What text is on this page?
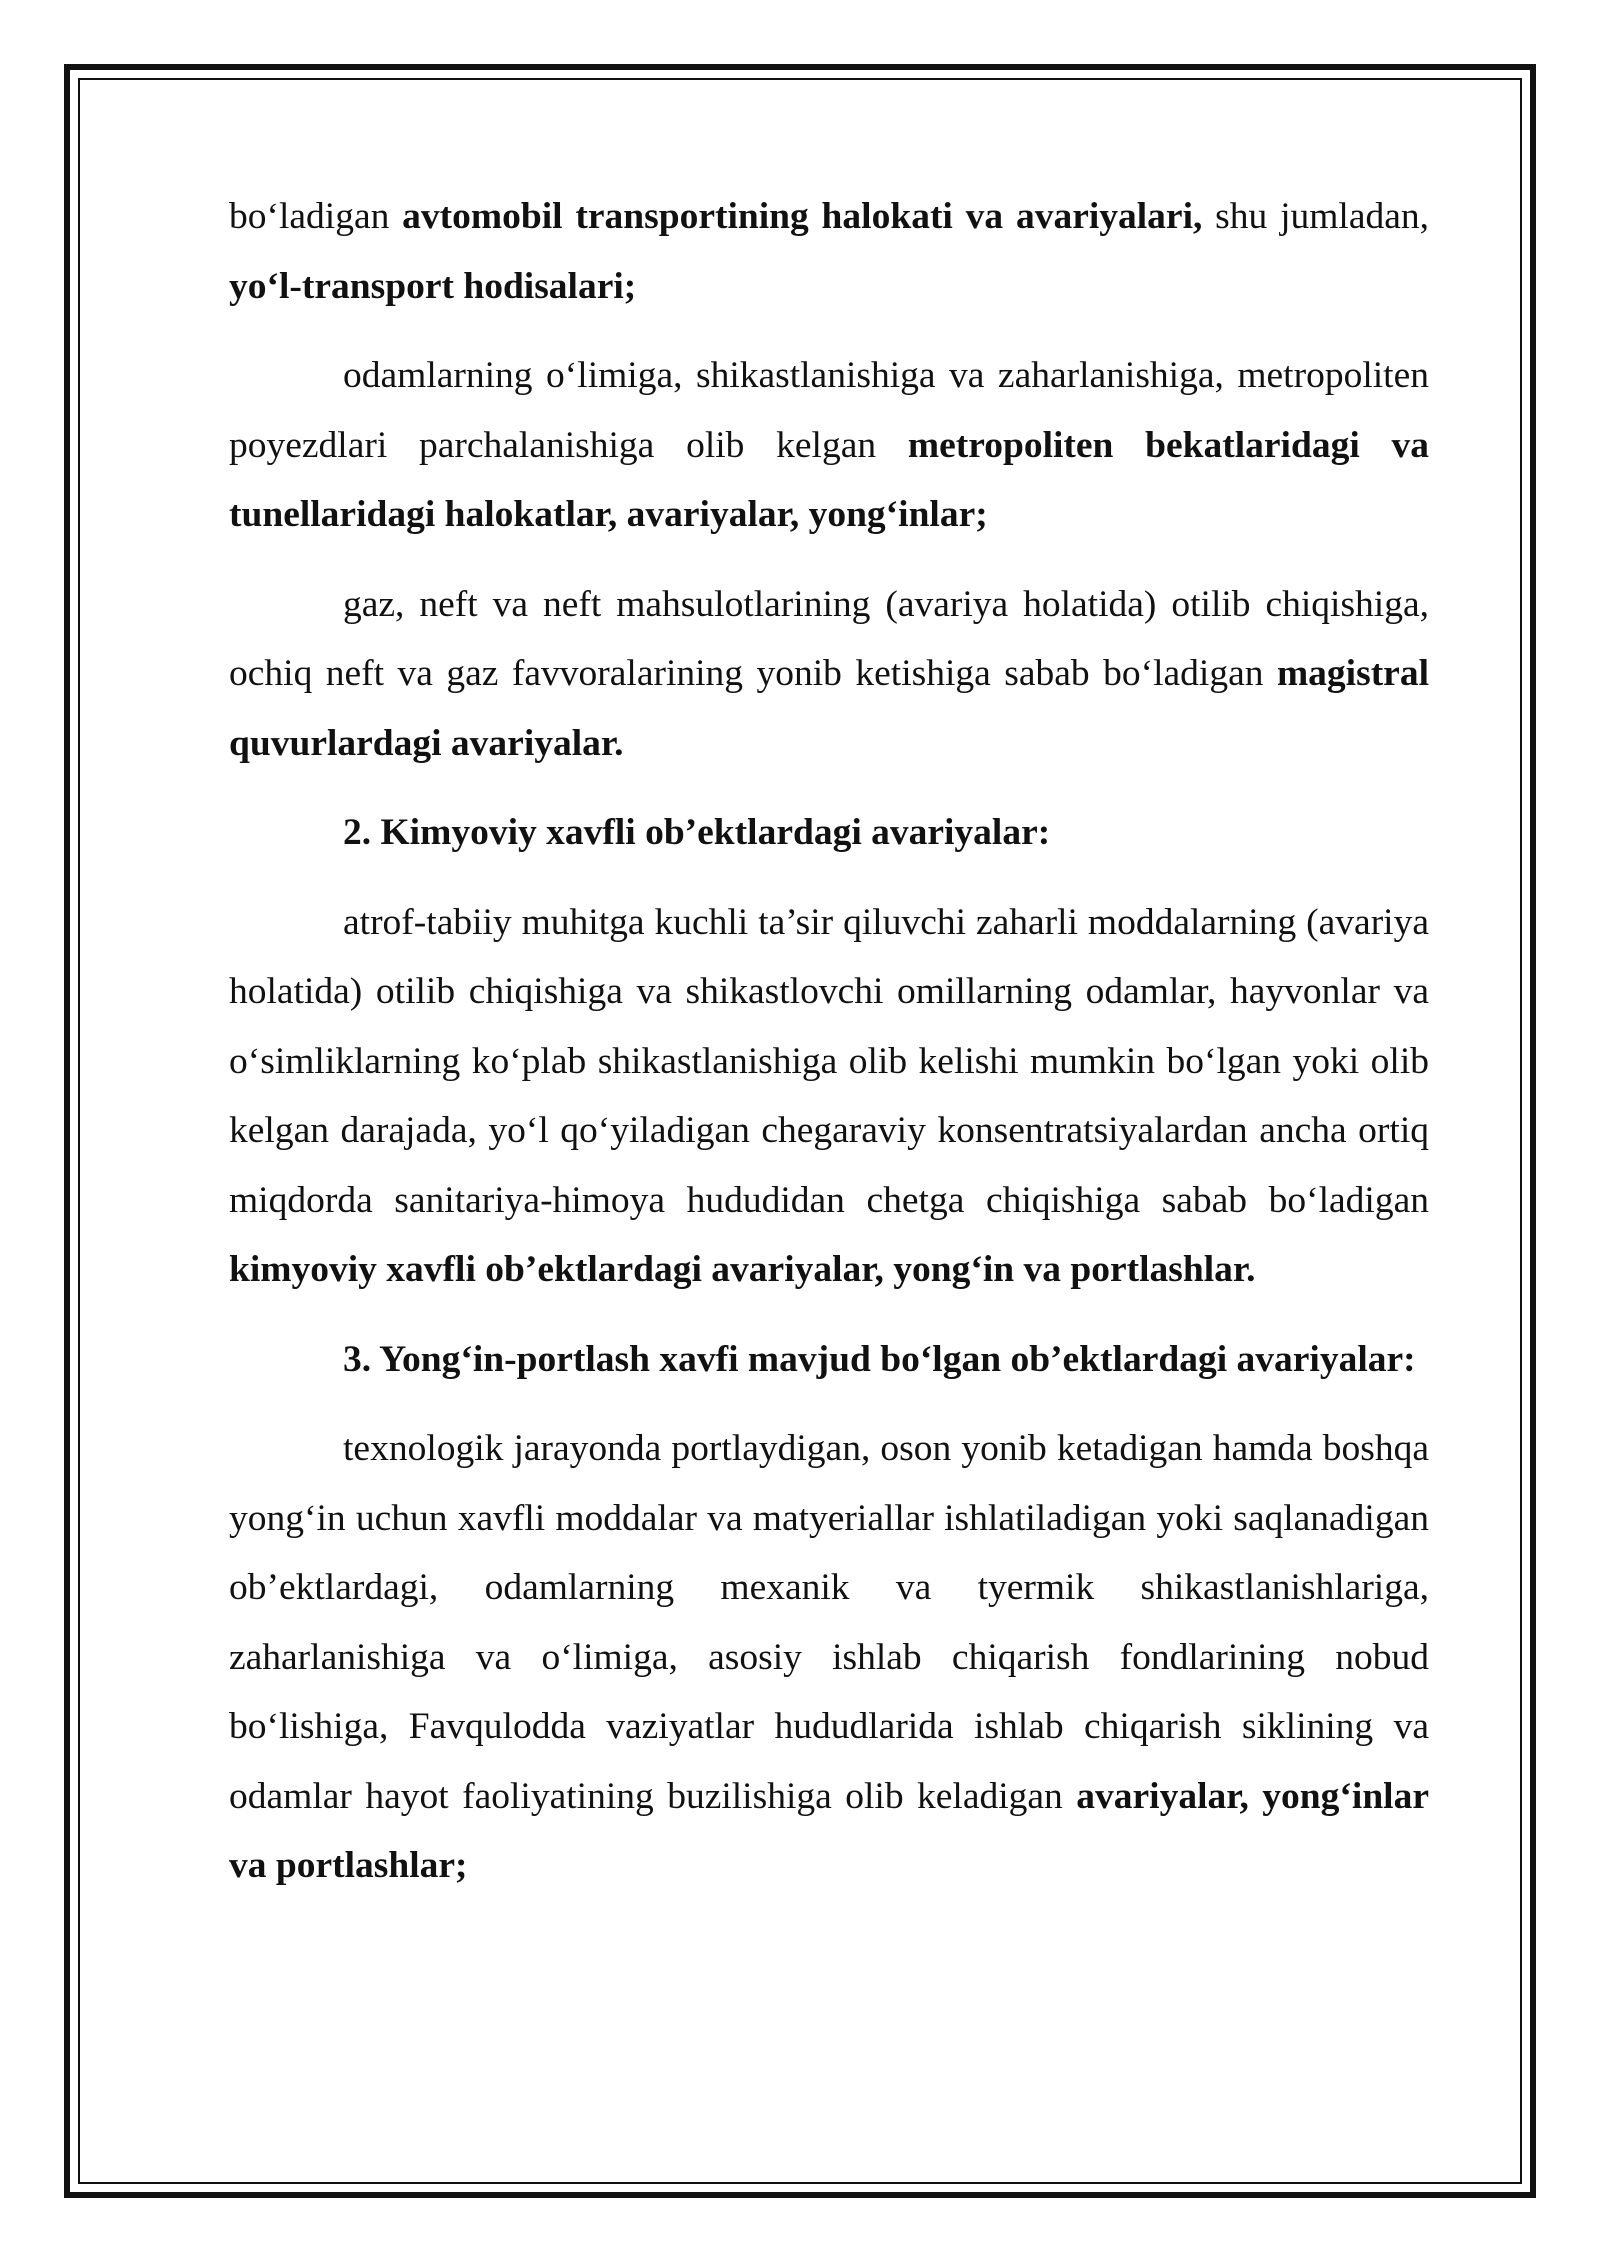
bo‘ladigan avtomobil transportining halokati va avariyalari, shu jumladan, yo‘l-transport hodisalari;

odamlarning o‘limiga, shikastlanishiga va zaharlanishiga, metropoliten poyezdlari parchalanishiga olib kelgan metropoliten bekatlaridagi va tunellaridagi halokatlar, avariyalar, yong‘inlar;

gaz, neft va neft mahsulotlarining (avariya holatida) otilib chiqishiga, ochiq neft va gaz favvoralarining yonib ketishiga sabab bo‘ladigan magistral quvurlardagi avariyalar.

2. Kimyoviy xavfli ob’ektlardagi avariyalar:

atrof-tabiiy muhitga kuchli ta’sir qiluvchi zaharli moddalarning (avariya holatida) otilib chiqishiga va shikastlovchi omillarning odamlar, hayvonlar va o‘simliklarning ko‘plab shikastlanishiga olib kelishi mumkin bo‘lgan yoki olib kelgan darajada, yo‘l qo‘yiladigan chegaraviy konsentratsiyalardan ancha ortiq miqdorda sanitariya-himoya hududidan chetga chiqishiga sabab bo‘ladigan kimyoviy xavfli ob’ektlardagi avariyalar, yong‘in va portlashlar.

3. Yong‘in-portlash xavfi mavjud bo‘lgan ob’ektlardagi avariyalar:

texnologik jarayonda portlaydigan, oson yonib ketadigan hamda boshqa yong‘in uchun xavfli moddalar va matyeriallar ishlatiladigan yoki saqlanadigan ob’ektlardagi, odamlarning mexanik va tyermik shikastlanishlariga, zaharlanishiga va o‘limiga, asosiy ishlab chiqarish fondlarining nobud bo‘lishiga, Favqulodda vaziyatlar hududlarida ishlab chiqarish siklining va odamlar hayot faoliyatining buzilishiga olib keladigan avariyalar, yong‘inlar va portlashlar;
